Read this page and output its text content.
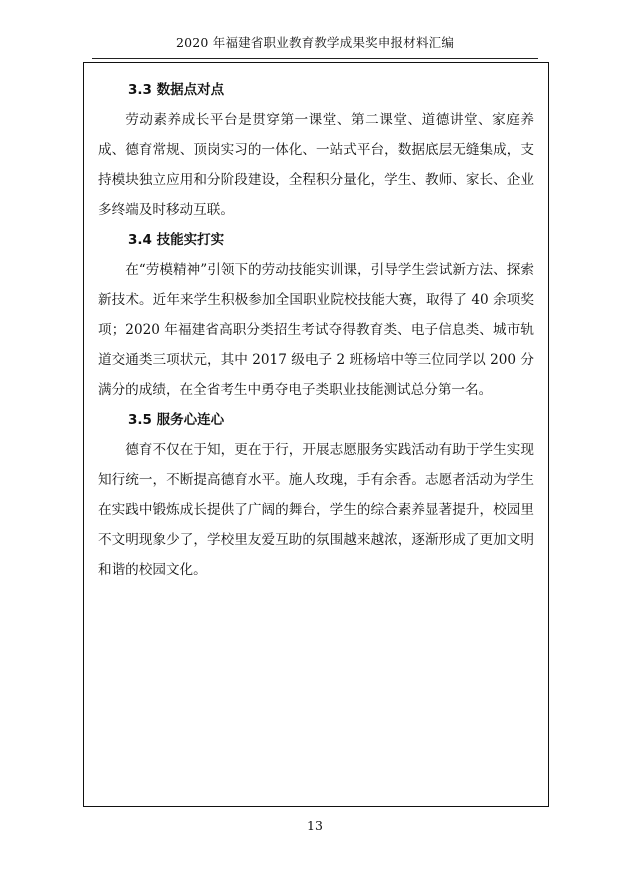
2020 年福建省职业教育教学成果奖申报材料汇编

3.3 数据点对点

劳动素养成长平台是贯穿第一课堂、第二课堂、道德讲堂、家庭养成、德育常规、顶岗实习的一体化、一站式平台，数据底层无缝集成，支持模块独立应用和分阶段建设，全程积分量化，学生、教师、家长、企业多终端及时移动互联。

3.4 技能实打实

在“劳模精神”引领下的劳动技能实训课，引导学生尝试新方法、探索新技术。近年来学生积极参加全国职业院校技能大赛，取得了 40 余项奖项；2020 年福建省高职分类招生考试夺得教育类、电子信息类、城市轨道交通类三项状元，其中 2017 级电子 2 班杨培中等三位同学以 200 分满分的成绩，在全省考生中勇夺电子类职业技能测试总分第一名。

3.5 服务心连心

德育不仅在于知，更在于行，开展志愿服务实践活动有助于学生实现知行统一，不断提高德育水平。施人玫瑰，手有余香。志愿者活动为学生在实践中锻炼成长提供了广阔的舞台，学生的综合素养显著提升，校园里不文明现象少了，学校里友爱互助的氛围越来越浓，逐渐形成了更加文明和谐的校园文化。

13
